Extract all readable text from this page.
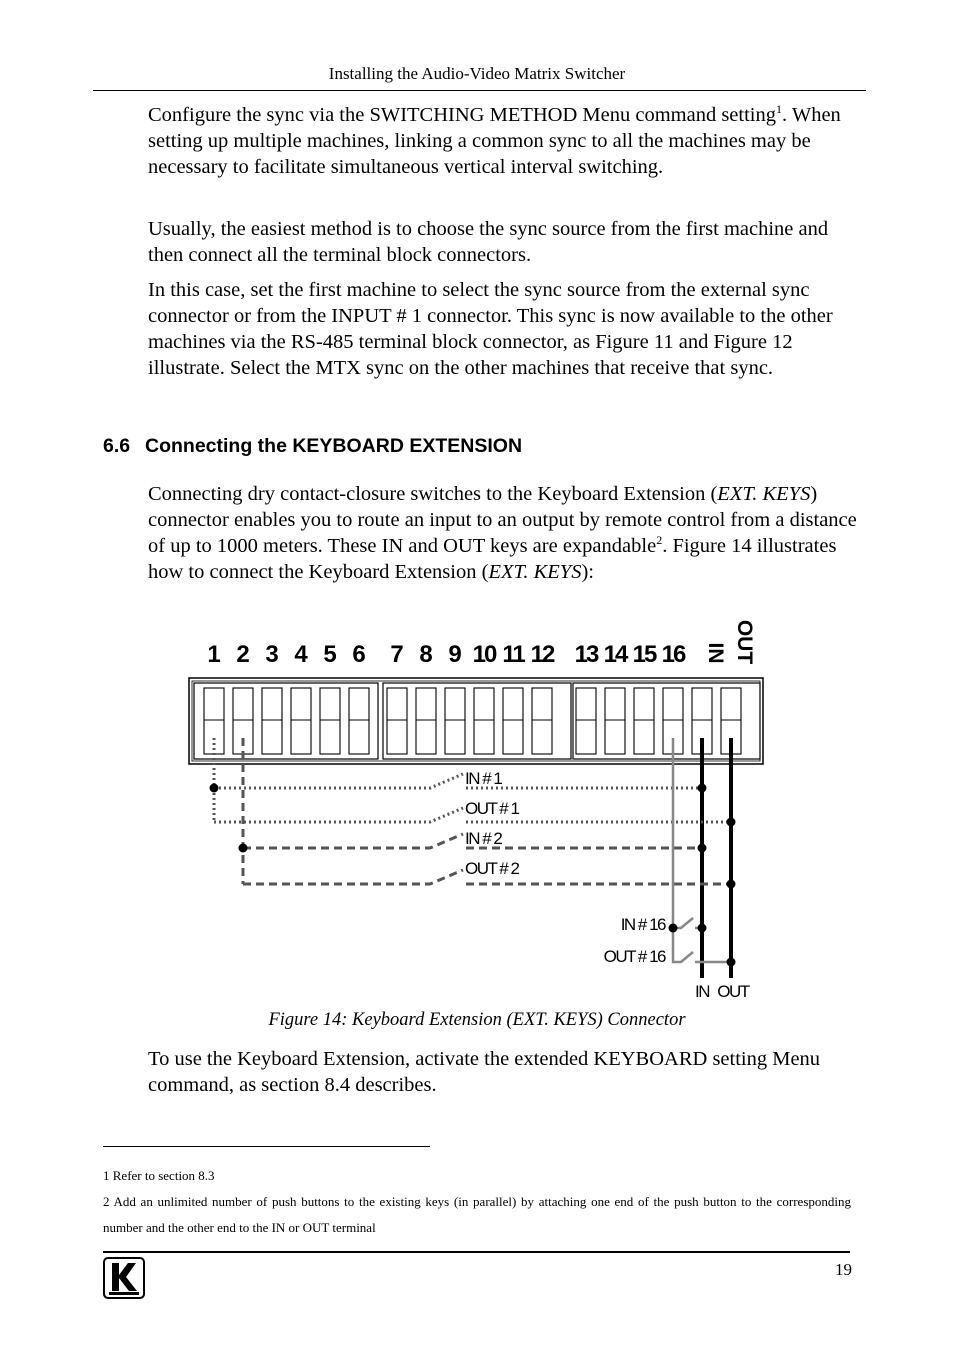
Installing the Audio-Video Matrix Switcher

Configure the sync via the SWITCHING METHOD Menu command setting$^1$. When setting up multiple machines, linking a common sync to all the machines may be necessary to facilitate simultaneous vertical interval switching.

Usually, the easiest method is to choose the sync source from the first machine and then connect all the terminal block connectors.

In this case, set the first machine to select the sync source from the external sync connector or from the INPUT # 1 connector. This sync is now available to the other machines via the RS-485 terminal block connector, as Figure 11 and Figure 12 illustrate. Select the MTX sync on the other machines that receive that sync.

6.6 Connecting the KEYBOARD EXTENSION

Connecting dry contact-closure switches to the Keyboard Extension (EXT. KEYS) connector enables you to route an input to an output by remote control from a distance of up to 1000 meters. These IN and OUT keys are expandable$^2$. Figure 14 illustrates how to connect the Keyboard Extension (EXT. KEYS):

1 2 3 4 5 6 7 8 9 10 11 12 13 14 15 16 IN OUT
IN # 1
OUT # 1
IN # 2
OUT # 2
IN # 16
OUT # 16
IN OUT
Figure 14: Keyboard Extension (EXT. KEYS) Connector

To use the Keyboard Extension, activate the extended KEYBOARD setting Menu command, as section 8.4 describes.

1 Refer to section 8.3

2 Add an unlimited number of push buttons to the existing keys (in parallel) by attaching one end of the push button to the corresponding number and the other end to the IN or OUT terminal

19
